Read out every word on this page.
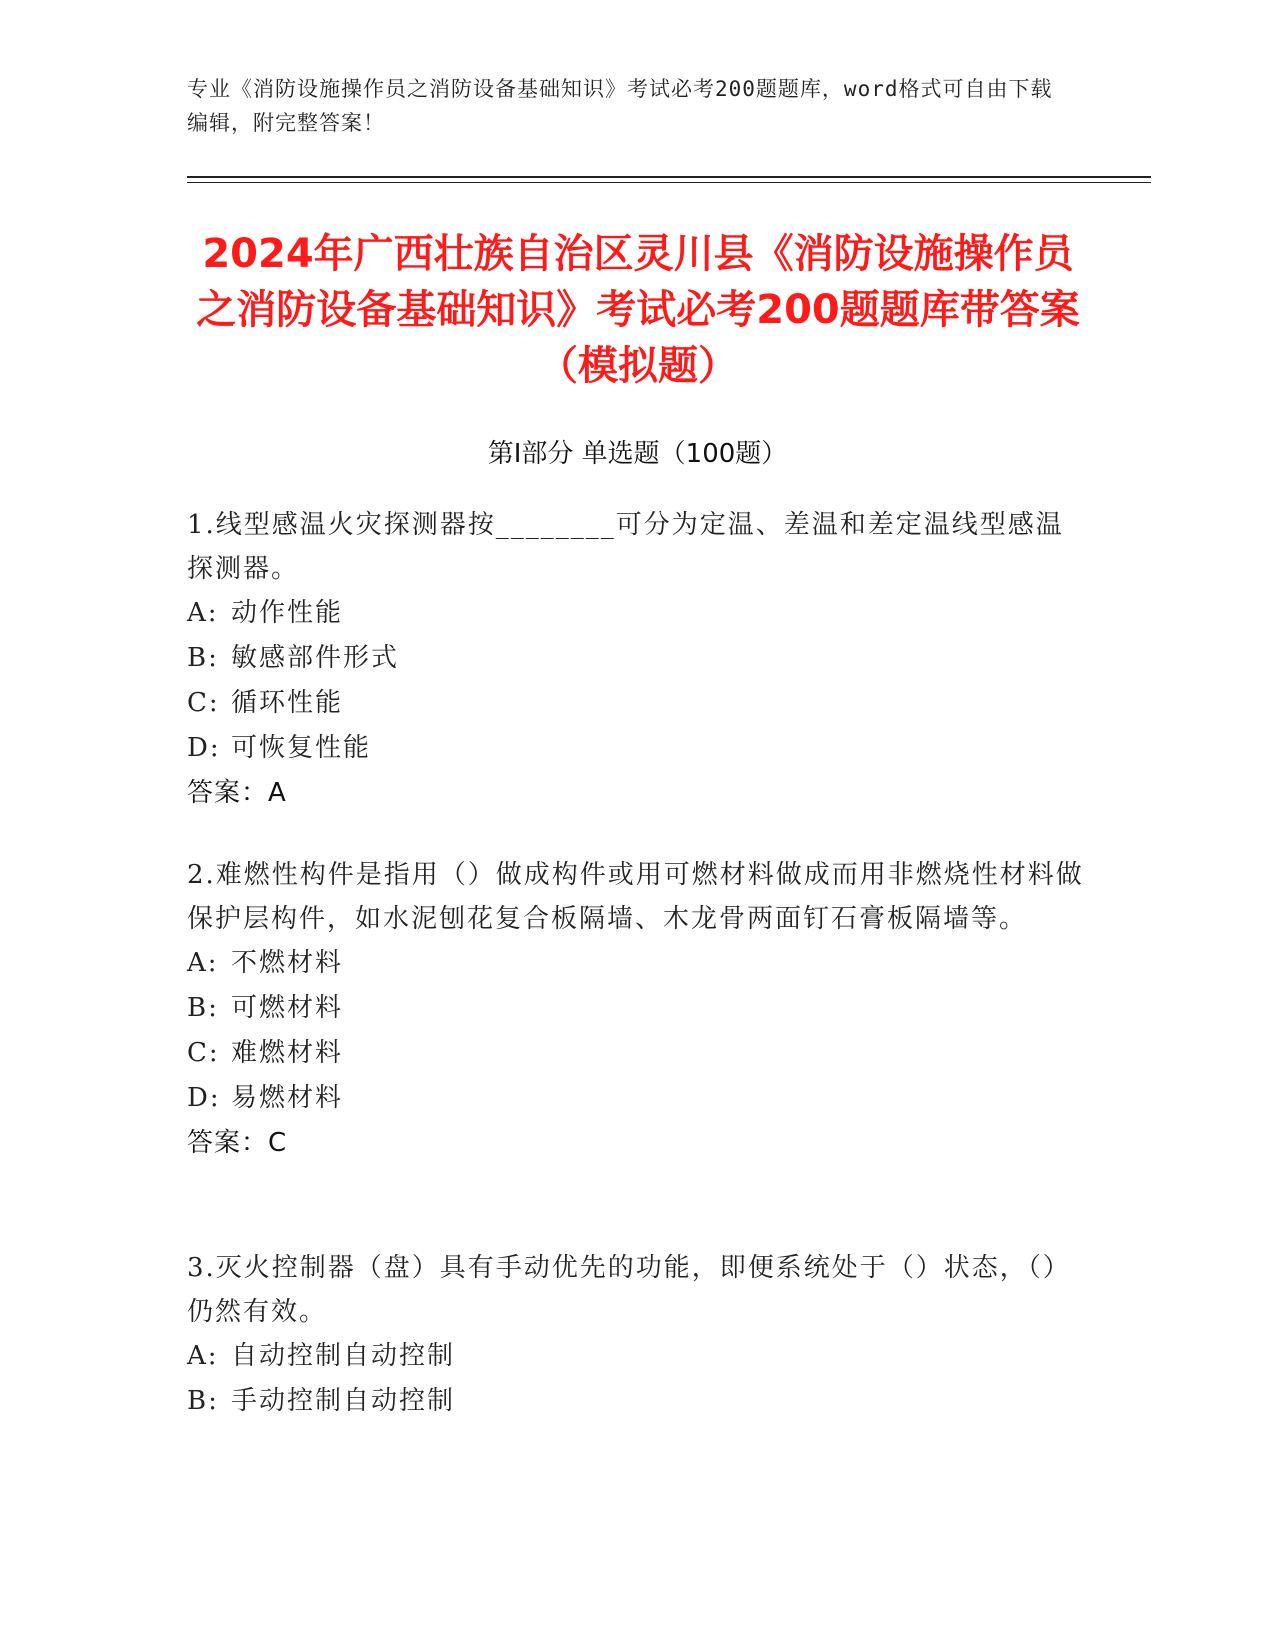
专业《消防设施操作员之消防设备基础知识》考试必考200题题库，word格式可自由下载编辑，附完整答案！
2024年广西壮族自治区灵川县《消防设施操作员之消防设备基础知识》考试必考200题题库带答案（模拟题）
第I部分 单选题（100题）
1.线型感温火灾探测器按________可分为定温、差温和差定温线型感温探测器。
A: 动作性能
B: 敏感部件形式
C: 循环性能
D: 可恢复性能
答案：A
2.难燃性构件是指用（）做成构件或用可燃材料做成而用非燃烧性材料做保护层构件，如水泥刨花复合板隔墙、木龙骨两面钉石膏板隔墙等。
A: 不燃材料
B: 可燃材料
C: 难燃材料
D: 易燃材料
答案：C
3.灭火控制器（盘）具有手动优先的功能，即便系统处于（）状态，（）仍然有效。
A: 自动控制自动控制
B: 手动控制自动控制
